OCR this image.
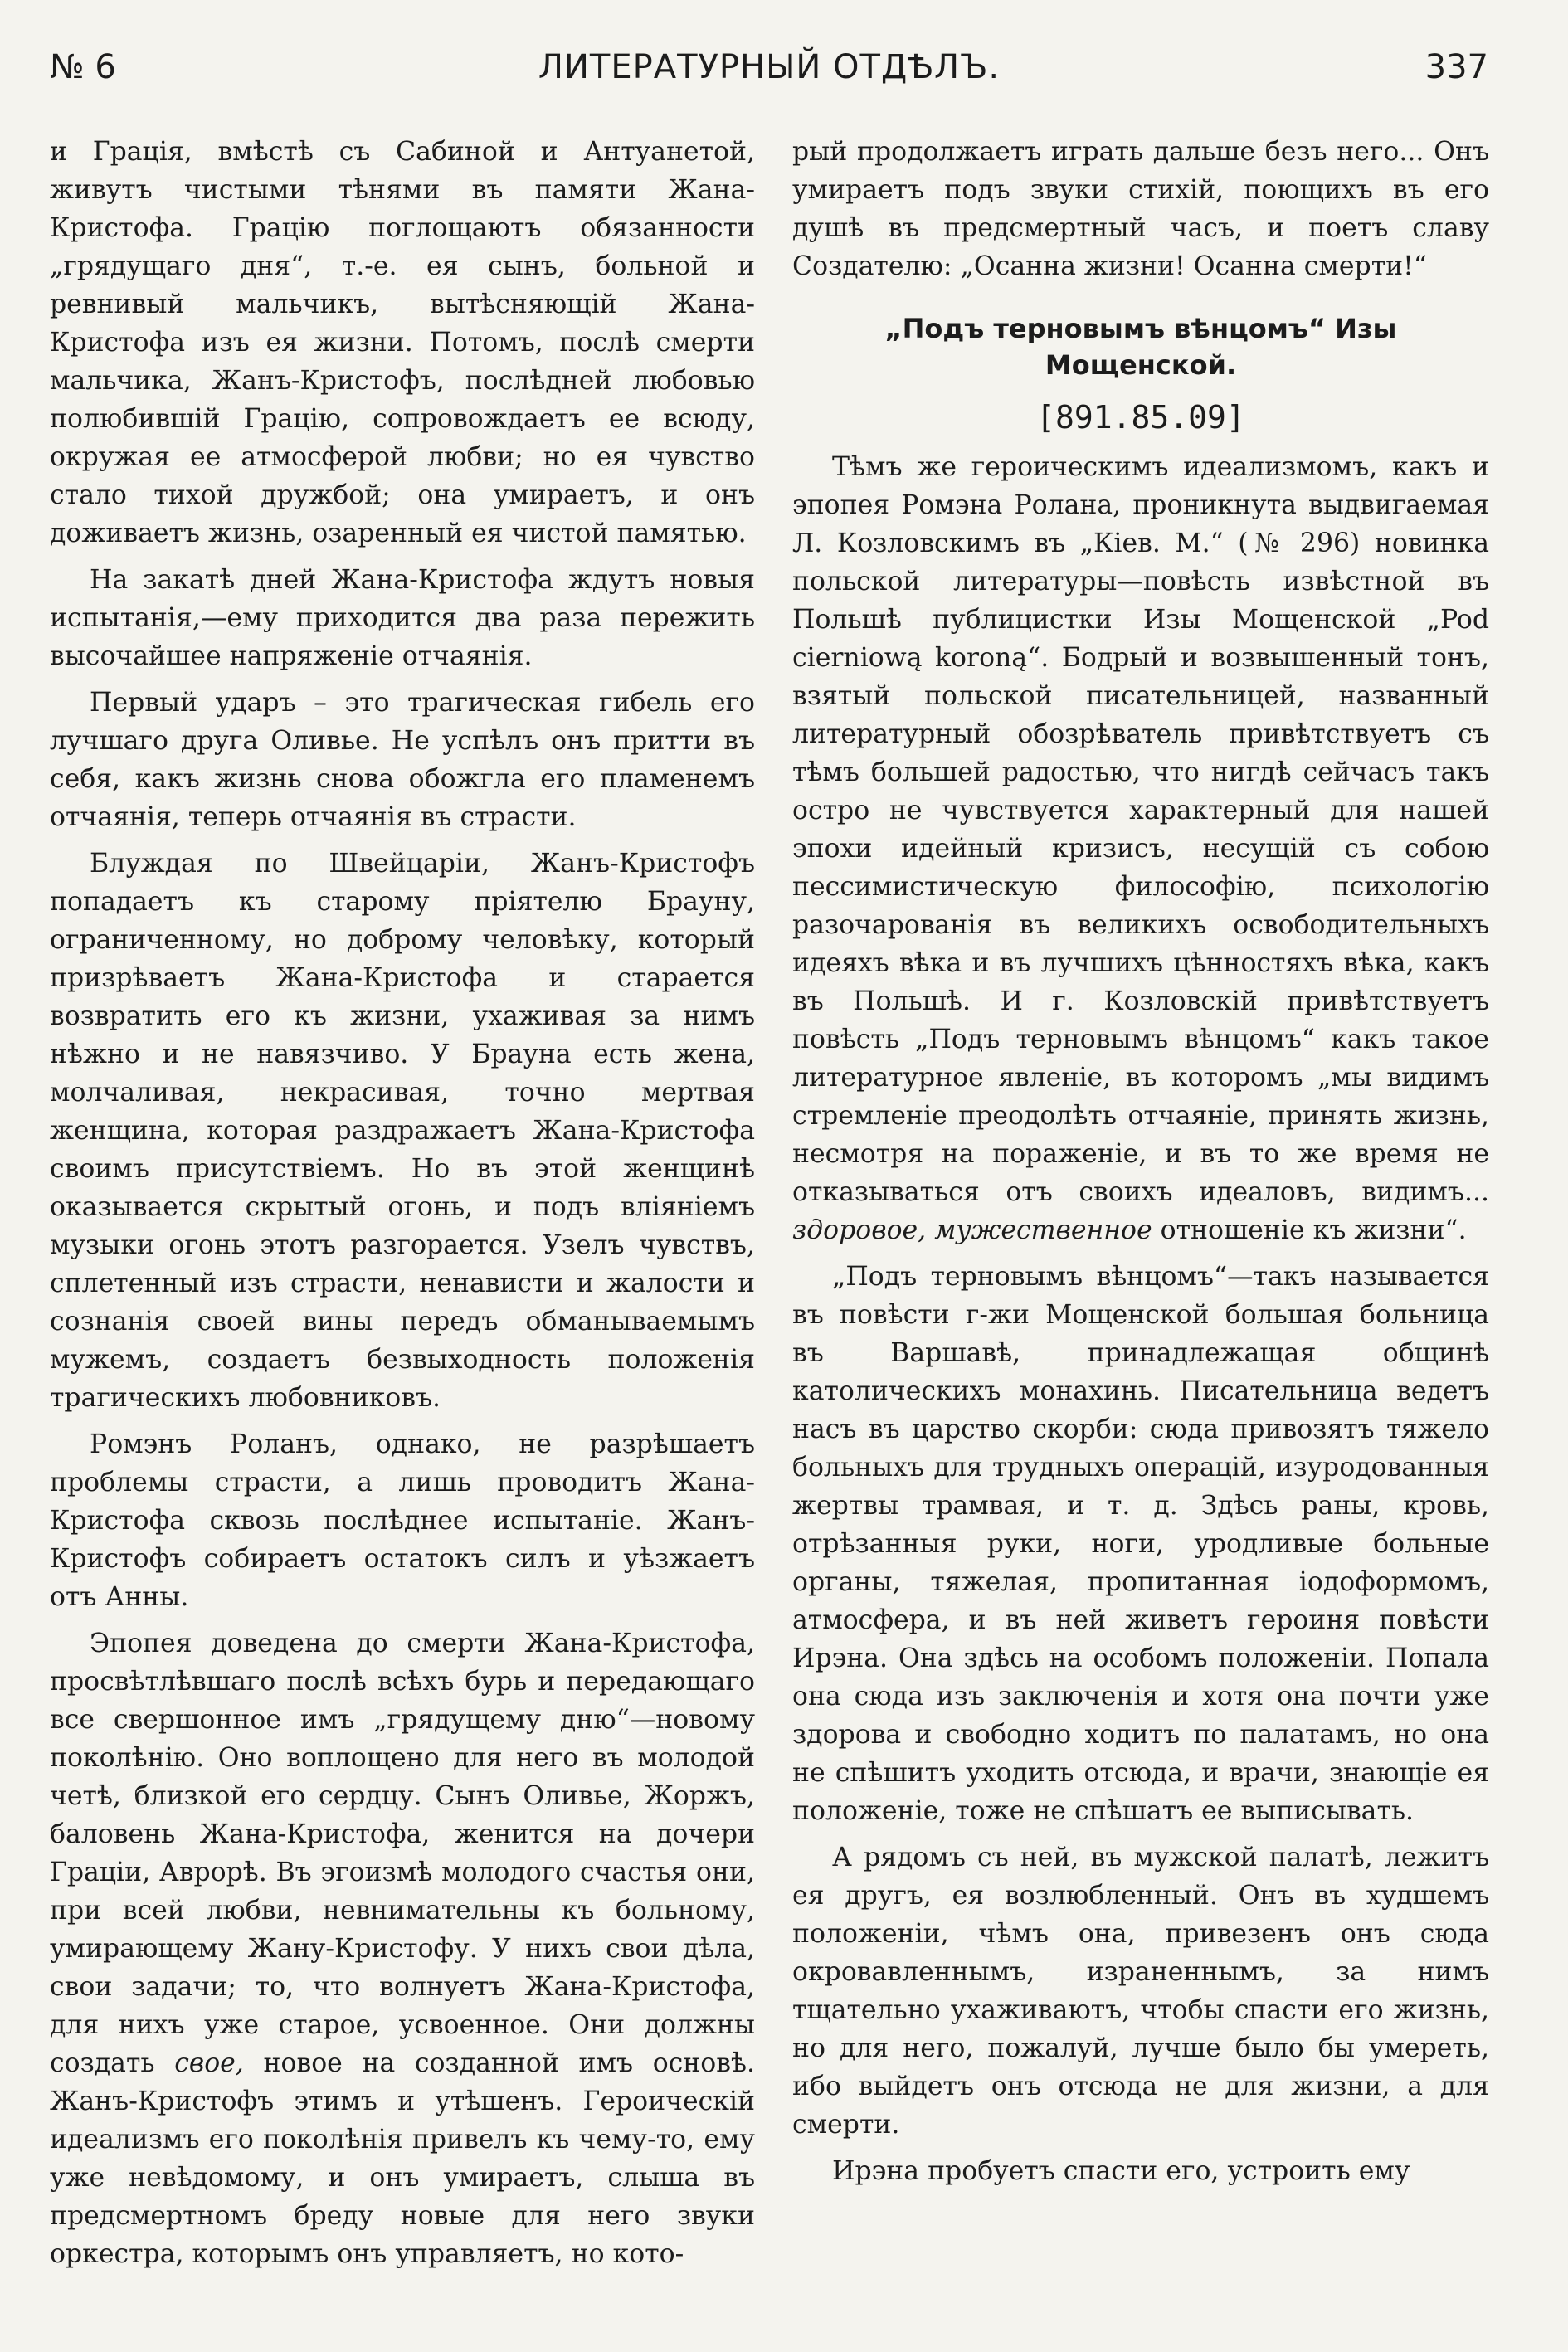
№ 6	ЛИТЕРАТУРНЫЙ ОТДѢЛЪ.	337

и Грація, вмѣстѣ съ Сабиной и Антуанетой, живутъ чистыми тѣнями въ памяти Жана-Кристофа. Грацію поглощаютъ обязанности „грядущаго дня“, т.-е. ея сынъ, больной и ревнивый мальчикъ, вытѣсняющій Жана-Кристофа изъ ея жизни. Потомъ, послѣ смерти мальчика, Жанъ-Кристофъ, послѣдней любовью полюбившій Грацію, сопровождаетъ ее всюду, окружая ее атмосферой любви; но ея чувство стало тихой дружбой; она умираетъ, и онъ доживаетъ жизнь, озаренный ея чистой памятью.

На закатѣ дней Жана-Кристофа ждутъ новыя испытанія,—ему приходится два раза пережить высочайшее напряженіе отчаянія.

Первый ударъ – это трагическая гибель его лучшаго друга Оливье. Не успѣлъ онъ притти въ себя, какъ жизнь снова обожгла его пламенемъ отчаянія, теперь отчаянія въ страсти.

Блуждая по Швейцаріи, Жанъ-Кристофъ попадаетъ къ старому пріятелю Брауну, ограниченному, но доброму человѣку, который призрѣваетъ Жана-Кристофа и старается возвратить его къ жизни, ухаживая за нимъ нѣжно и не навязчиво. У Брауна есть жена, молчаливая, некрасивая, точно мертвая женщина, которая раздражаетъ Жана-Кристофа своимъ присутствіемъ. Но въ этой женщинѣ оказывается скрытый огонь, и подъ вліяніемъ музыки огонь этотъ разгорается. Узелъ чувствъ, сплетенный изъ страсти, ненависти и жалости и сознанія своей вины передъ обманываемымъ мужемъ, создаетъ безвыходность положенія трагическихъ любовниковъ.

Ромэнъ Роланъ, однако, не разрѣшаетъ проблемы страсти, а лишь проводитъ Жана-Кристофа сквозь послѣднее испытаніе. Жанъ-Кристофъ собираетъ остатокъ силъ и уѣзжаетъ отъ Анны.

Эпопея доведена до смерти Жана-Кристофа, просвѣтлѣвшаго послѣ всѣхъ бурь и передающаго все свершонное имъ „грядущему дню“—новому поколѣнію. Оно воплощено для него въ молодой четѣ, близкой его сердцу. Сынъ Оливье, Жоржъ, баловень Жана-Кристофа, женится на дочери Граціи, Аврорѣ. Въ эгоизмѣ молодого счастья они, при всей любви, невнимательны къ больному, умирающему Жану-Кристофу. У нихъ свои дѣла, свои задачи; то, что волнуетъ Жана-Кристофа, для нихъ уже старое, усвоенное. Они должны создать свое, новое на созданной имъ основѣ. Жанъ-Кристофъ этимъ и утѣшенъ. Героическій идеализмъ его поколѣнія привелъ къ чему-то, ему уже невѣдомому, и онъ умираетъ, слыша въ предсмертномъ бреду новые для него звуки оркестра, которымъ онъ управляетъ, но кото-

рый продолжаетъ играть дальше безъ него... Онъ умираетъ подъ звуки стихій, поющихъ въ его душѣ въ предсмертный часъ, и поетъ славу Создателю: „Осанна жизни! Осанна смерти!“

„Подъ терновымъ вѣнцомъ“ Изы Мощенской.
[891.85.09]

Тѣмъ же героическимъ идеализмомъ, какъ и эпопея Ромэна Ролана, проникнута выдвигаемая Л. Козловскимъ въ „Кіев. М.“ (№ 296) новинка польской литературы—повѣсть извѣстной въ Польшѣ публицистки Изы Мощенской „Pod cierniową koroną“. Бодрый и возвышенный тонъ, взятый польской писательницей, названный литературный обозрѣватель привѣтствуетъ съ тѣмъ большей радостью, что нигдѣ сейчасъ такъ остро не чувствуется характерный для нашей эпохи идейный кризисъ, несущій съ собою пессимистическую философію, психологію разочарованія въ великихъ освободительныхъ идеяхъ вѣка и въ лучшихъ цѣнностяхъ вѣка, какъ въ Польшѣ. И г. Козловскій привѣтствуетъ повѣсть „Подъ терновымъ вѣнцомъ“ какъ такое литературное явленіе, въ которомъ „мы видимъ стремленіе преодолѣть отчаяніе, принять жизнь, несмотря на пораженіе, и въ то же время не отказываться отъ своихъ идеаловъ, видимъ... здоровое, мужественное отношеніе къ жизни“.

„Подъ терновымъ вѣнцомъ“—такъ называется въ повѣсти г-жи Мощенской большая больница въ Варшавѣ, принадлежащая общинѣ католическихъ монахинь. Писательница ведетъ насъ въ царство скорби: сюда привозятъ тяжело больныхъ для трудныхъ операцій, изуродованныя жертвы трамвая, и т. д. Здѣсь раны, кровь, отрѣзанныя руки, ноги, уродливые больные органы, тяжелая, пропитанная іодоформомъ, атмосфера, и въ ней живетъ героиня повѣсти Ирэна. Она здѣсь на особомъ положеніи. Попала она сюда изъ заключенія и хотя она почти уже здорова и свободно ходитъ по палатамъ, но она не спѣшитъ уходить отсюда, и врачи, знающіе ея положеніе, тоже не спѣшатъ ее выписывать.

А рядомъ съ ней, въ мужской палатѣ, лежитъ ея другъ, ея возлюбленный. Онъ въ худшемъ положеніи, чѣмъ она, привезенъ онъ сюда окровавленнымъ, израненнымъ, за нимъ тщательно ухаживаютъ, чтобы спасти его жизнь, но для него, пожалуй, лучше было бы умереть, ибо выйдетъ онъ отсюда не для жизни, а для смерти.

Ирэна пробуетъ спасти его, устроить ему
